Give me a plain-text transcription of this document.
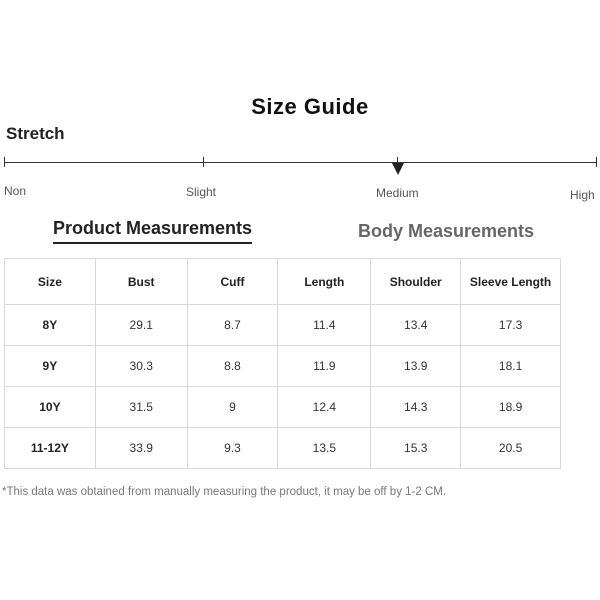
Size Guide
Stretch
Non	Slight	Medium	High
Product Measurements	Body Measurements
Size	Bust	Cuff	Length	Shoulder	Sleeve Length
8Y	29.1	8.7	11.4	13.4	17.3
9Y	30.3	8.8	11.9	13.9	18.1
10Y	31.5	9	12.4	14.3	18.9
11-12Y	33.9	9.3	13.5	15.3	20.5
*This data was obtained from manually measuring the product, it may be off by 1-2 CM.
